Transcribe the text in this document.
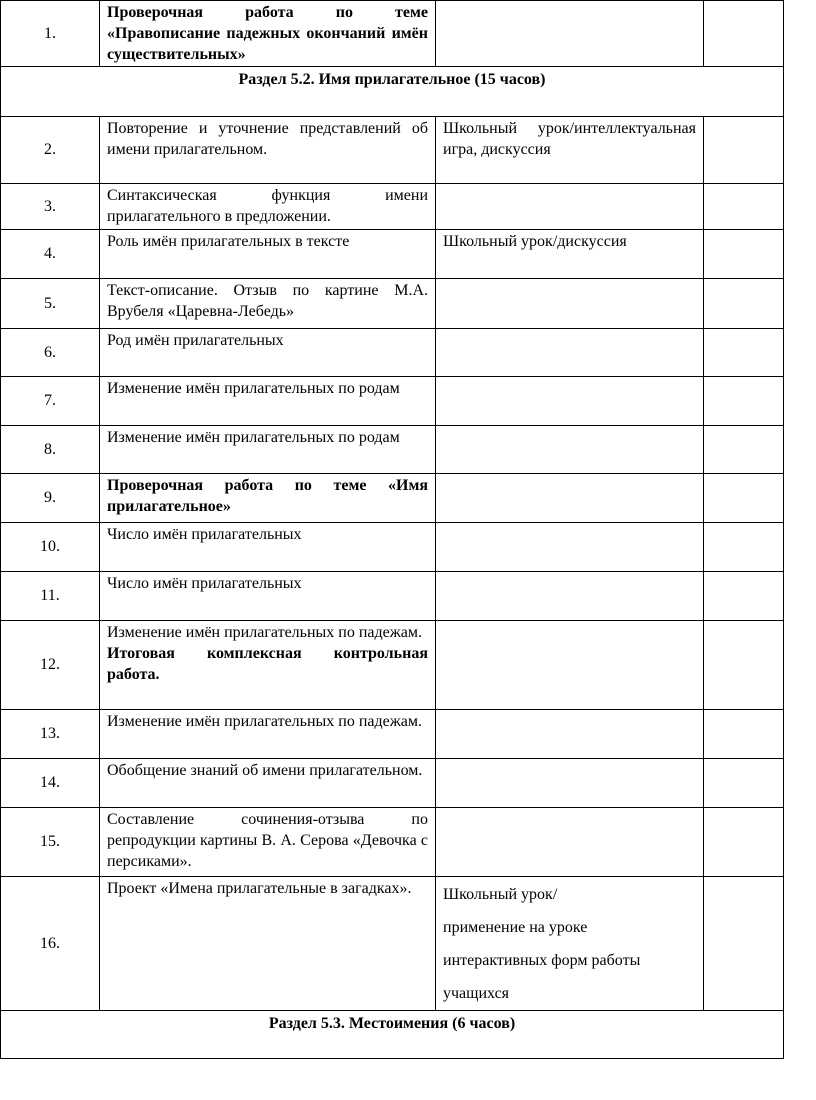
1.	Проверочная работа по теме «Правописание падежных окончаний имён существительных»		
Раздел 5.2. Имя прилагательное (15 часов)			
2.	Повторение и уточнение представлений об имени прилагательном.	Школьный урок/интеллектуальная игра, дискуссия	
3.	Синтаксическая функция имени прилагательного в предложении.		
4.	Роль имён прилагательных в тексте	Школьный урок/дискуссия	
5.	Текст-описание. Отзыв по картине М.А. Врубеля «Царевна-Лебедь»		
6.	Род имён прилагательных		
7.	Изменение имён прилагательных по родам		
8.	Изменение имён прилагательных по родам		
9.	Проверочная работа по теме «Имя прилагательное»		
10.	Число имён прилагательных		
11.	Число имён прилагательных		
12.	Изменение имён прилагательных по падежам.
Итоговая комплексная контрольная работа.		

13.	Изменение имён прилагательных по падежам.		
14.	Обобщение знаний об имени прилагательном.		
15.	Составление сочинения-отзыва по репродукции картины В. А. Серова «Девочка с персиками».		
16.	Проект «Имена прилагательные в загадках».	Школьный урок/
применение на уроке
интерактивных форм работы
учащихся	

Раздел 5.3. Местоимения (6 часов)			
